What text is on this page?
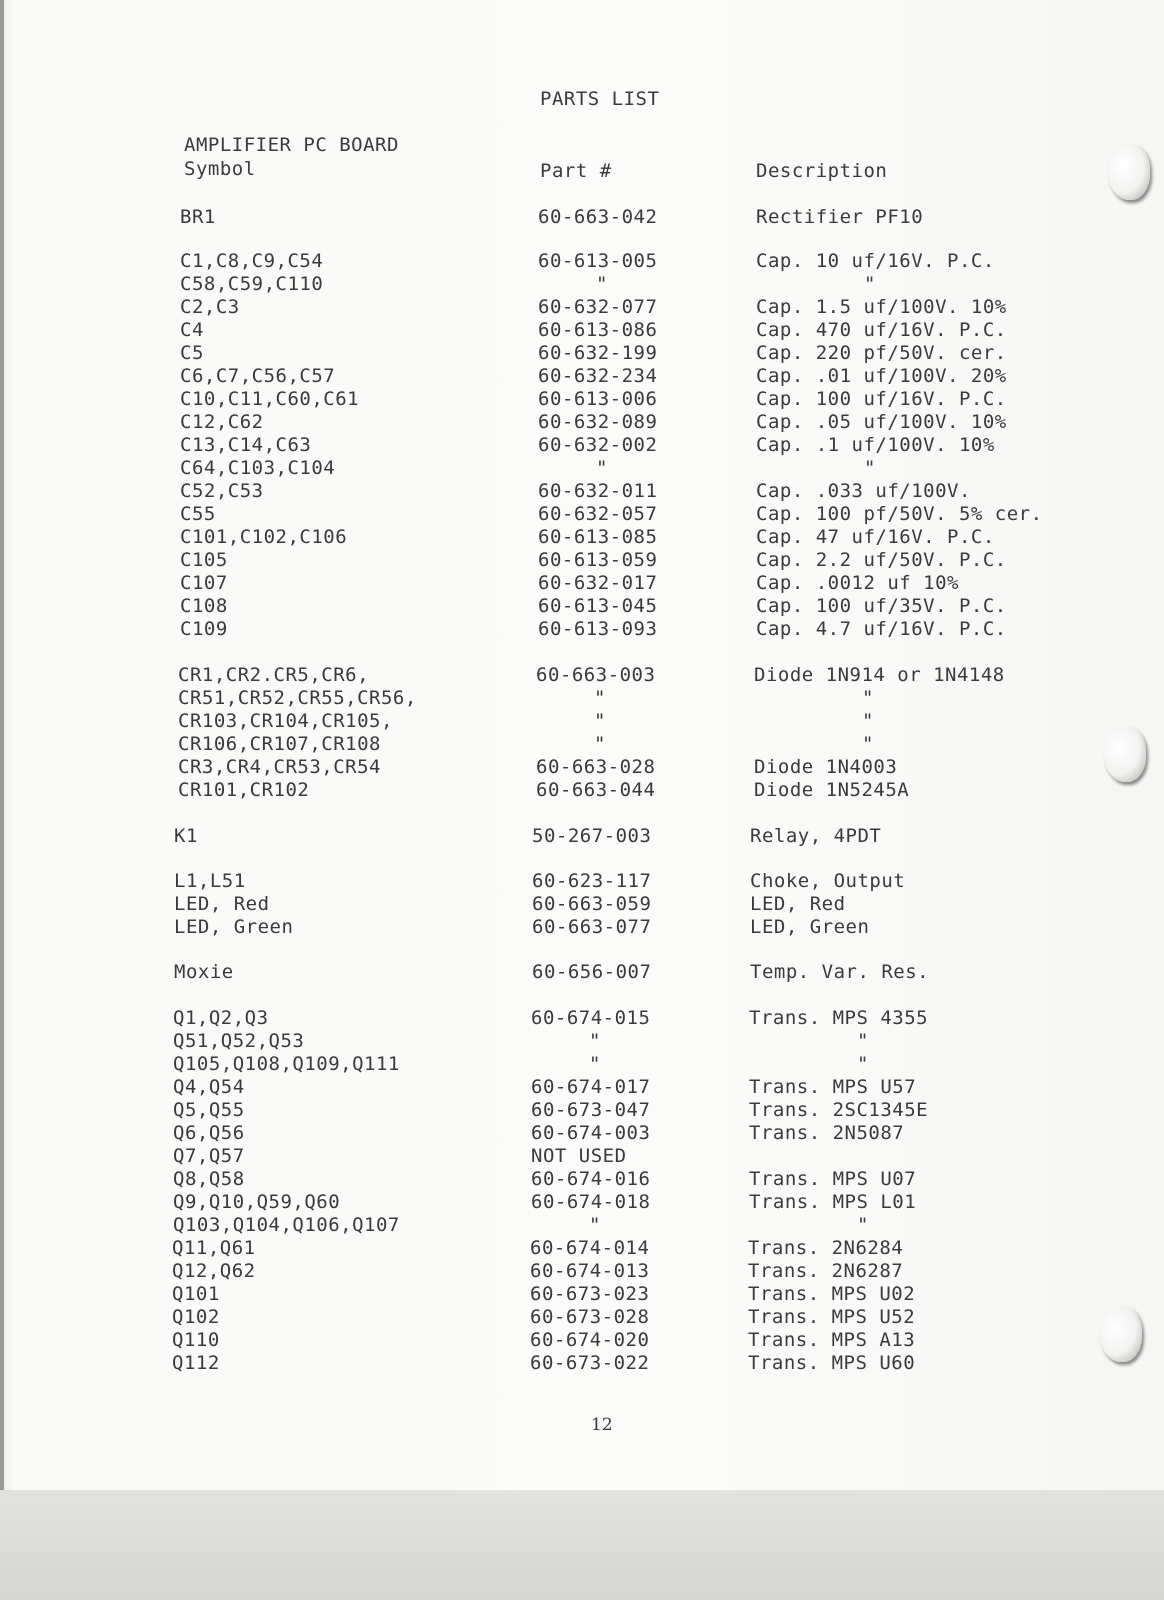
PARTS LIST
AMPLIFIER PC BOARD
Symbol	Part #	Description
BR1	60-663-042	Rectifier PF10
C1,C8,C9,C54	60-613-005	Cap. 10 uf/16V. P.C.
C58,C59,C110	"	"
C2,C3	60-632-077	Cap. 1.5 uf/100V. 10%
C4	60-613-086	Cap. 470 uf/16V. P.C.
C5	60-632-199	Cap. 220 pf/50V. cer.
C6,C7,C56,C57	60-632-234	Cap. .01 uf/100V. 20%
C10,C11,C60,C61	60-613-006	Cap. 100 uf/16V. P.C.
C12,C62	60-632-089	Cap. .05 uf/100V. 10%
C13,C14,C63	60-632-002	Cap. .1 uf/100V. 10%
C64,C103,C104	"	"
C52,C53	60-632-011	Cap. .033 uf/100V.
C55	60-632-057	Cap. 100 pf/50V. 5% cer.
C101,C102,C106	60-613-085	Cap. 47 uf/16V. P.C.
C105	60-613-059	Cap. 2.2 uf/50V. P.C.
C107	60-632-017	Cap. .0012 uf 10%
C108	60-613-045	Cap. 100 uf/35V. P.C.
C109	60-613-093	Cap. 4.7 uf/16V. P.C.
CR1,CR2.CR5,CR6,	60-663-003	Diode 1N914 or 1N4148
CR51,CR52,CR55,CR56,	"	"
CR103,CR104,CR105,	"	"
CR106,CR107,CR108	"	"
CR3,CR4,CR53,CR54	60-663-028	Diode 1N4003
CR101,CR102	60-663-044	Diode 1N5245A
K1	50-267-003	Relay, 4PDT
L1,L51	60-623-117	Choke, Output
LED, Red	60-663-059	LED, Red
LED, Green	60-663-077	LED, Green
Moxie	60-656-007	Temp. Var. Res.
Q1,Q2,Q3	60-674-015	Trans. MPS 4355
Q51,Q52,Q53	"	"
Q105,Q108,Q109,Q111	"	"
Q4,Q54	60-674-017	Trans. MPS U57
Q5,Q55	60-673-047	Trans. 2SC1345E
Q6,Q56	60-674-003	Trans. 2N5087
Q7,Q57	NOT USED
Q8,Q58	60-674-016	Trans. MPS U07
Q9,Q10,Q59,Q60	60-674-018	Trans. MPS L01
Q103,Q104,Q106,Q107	"	"
Q11,Q61	60-674-014	Trans. 2N6284
Q12,Q62	60-674-013	Trans. 2N6287
Q101	60-673-023	Trans. MPS U02
Q102	60-673-028	Trans. MPS U52
Q110	60-674-020	Trans. MPS A13
Q112	60-673-022	Trans. MPS U60
12
